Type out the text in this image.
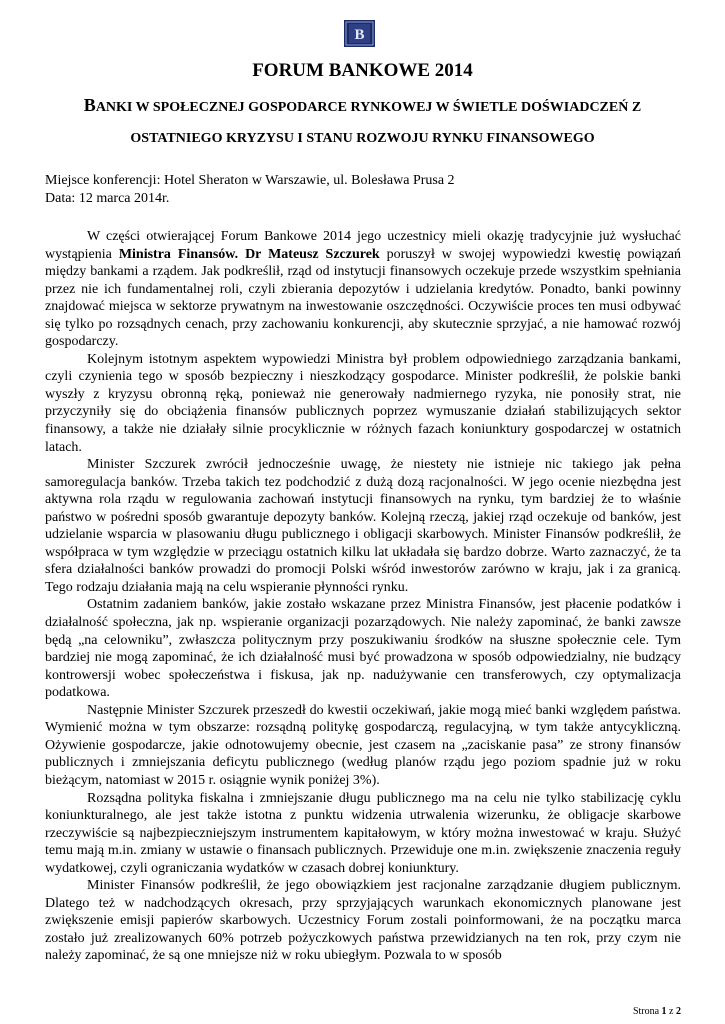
B
FORUM BANKOWE 2014

BANKI W SPOŁECZNEJ GOSPODARCE RYNKOWEJ W ŚWIETLE DOŚWIADCZEŃ Z

OSTATNIEGO KRYZYSU I STANU ROZWOJU RYNKU FINANSOWEGO

Miejsce konferencji: Hotel Sheraton w Warszawie, ul. Bolesława Prusa 2

Data: 12 marca 2014r.

W części otwierającej Forum Bankowe 2014 jego uczestnicy mieli okazję tradycyjnie już wysłuchać wystąpienia Ministra Finansów. Dr Mateusz Szczurek poruszył w swojej wypowiedzi kwestię powiązań między bankami a rządem. Jak podkreślił, rząd od instytucji finansowych oczekuje przede wszystkim spełniania przez nie ich fundamentalnej roli, czyli zbierania depozytów i udzielania kredytów. Ponadto, banki powinny znajdować miejsca w sektorze prywatnym na inwestowanie oszczędności. Oczywiście proces ten musi odbywać się tylko po rozsądnych cenach, przy zachowaniu konkurencji, aby skutecznie sprzyjać, a nie hamować rozwój gospodarczy.

Kolejnym istotnym aspektem wypowiedzi Ministra był problem odpowiedniego zarządzania bankami, czyli czynienia tego w sposób bezpieczny i nieszkodzący gospodarce. Minister podkreślił, że polskie banki wyszły z kryzysu obronną ręką, ponieważ nie generowały nadmiernego ryzyka, nie ponosiły strat, nie przyczyniły się do obciążenia finansów publicznych poprzez wymuszanie działań stabilizujących sektor finansowy, a także nie działały silnie procyklicznie w różnych fazach koniunktury gospodarczej w ostatnich latach.

Minister Szczurek zwrócił jednocześnie uwagę, że niestety nie istnieje nic takiego jak pełna samoregulacja banków. Trzeba takich tez podchodzić z dużą dozą racjonalności. W jego ocenie niezbędna jest aktywna rola rządu w regulowania zachowań instytucji finansowych na rynku, tym bardziej że to właśnie państwo w pośredni sposób gwarantuje depozyty banków. Kolejną rzeczą, jakiej rząd oczekuje od banków, jest udzielanie wsparcia w plasowaniu długu publicznego i obligacji skarbowych. Minister Finansów podkreślił, że współpraca w tym względzie w przeciągu ostatnich kilku lat układała się bardzo dobrze. Warto zaznaczyć, że ta sfera działalności banków prowadzi do promocji Polski wśród inwestorów zarówno w kraju, jak i za granicą. Tego rodzaju działania mają na celu wspieranie płynności rynku.

Ostatnim zadaniem banków, jakie zostało wskazane przez Ministra Finansów, jest płacenie podatków i działalność społeczna, jak np. wspieranie organizacji pozarządowych. Nie należy zapominać, że banki zawsze będą „na celowniku”, zwłaszcza politycznym przy poszukiwaniu środków na słuszne społecznie cele. Tym bardziej nie mogą zapominać, że ich działalność musi być prowadzona w sposób odpowiedzialny, nie budzący kontrowersji wobec społeczeństwa i fiskusa, jak np. nadużywanie cen transferowych, czy optymalizacja podatkowa.

Następnie Minister Szczurek przeszedł do kwestii oczekiwań, jakie mogą mieć banki względem państwa. Wymienić można w tym obszarze: rozsądną politykę gospodarczą, regulacyjną, w tym także antycykliczną. Ożywienie gospodarcze, jakie odnotowujemy obecnie, jest czasem na „zaciskanie pasa” ze strony finansów publicznych i zmniejszania deficytu publicznego (według planów rządu jego poziom spadnie już w roku bieżącym, natomiast w 2015 r. osiągnie wynik poniżej 3%).

Rozsądna polityka fiskalna i zmniejszanie długu publicznego ma na celu nie tylko stabilizację cyklu koniunkturalnego, ale jest także istotna z punktu widzenia utrwalenia wizerunku, że obligacje skarbowe rzeczywiście są najbezpieczniejszym instrumentem kapitałowym, w który można inwestować w kraju. Służyć temu mają m.in. zmiany w ustawie o finansach publicznych. Przewiduje one m.in. zwiększenie znaczenia reguły wydatkowej, czyli ograniczania wydatków w czasach dobrej koniunktury.

Minister Finansów podkreślił, że jego obowiązkiem jest racjonalne zarządzanie długiem publicznym. Dlatego też w nadchodzących okresach, przy sprzyjających warunkach ekonomicznych planowane jest zwiększenie emisji papierów skarbowych. Uczestnicy Forum zostali poinformowani, że na początku marca zostało już zrealizowanych 60% potrzeb pożyczkowych państwa przewidzianych na ten rok, przy czym nie należy zapominać, że są one mniejsze niż w roku ubiegłym. Pozwala to w sposób

Strona 1 z 2
